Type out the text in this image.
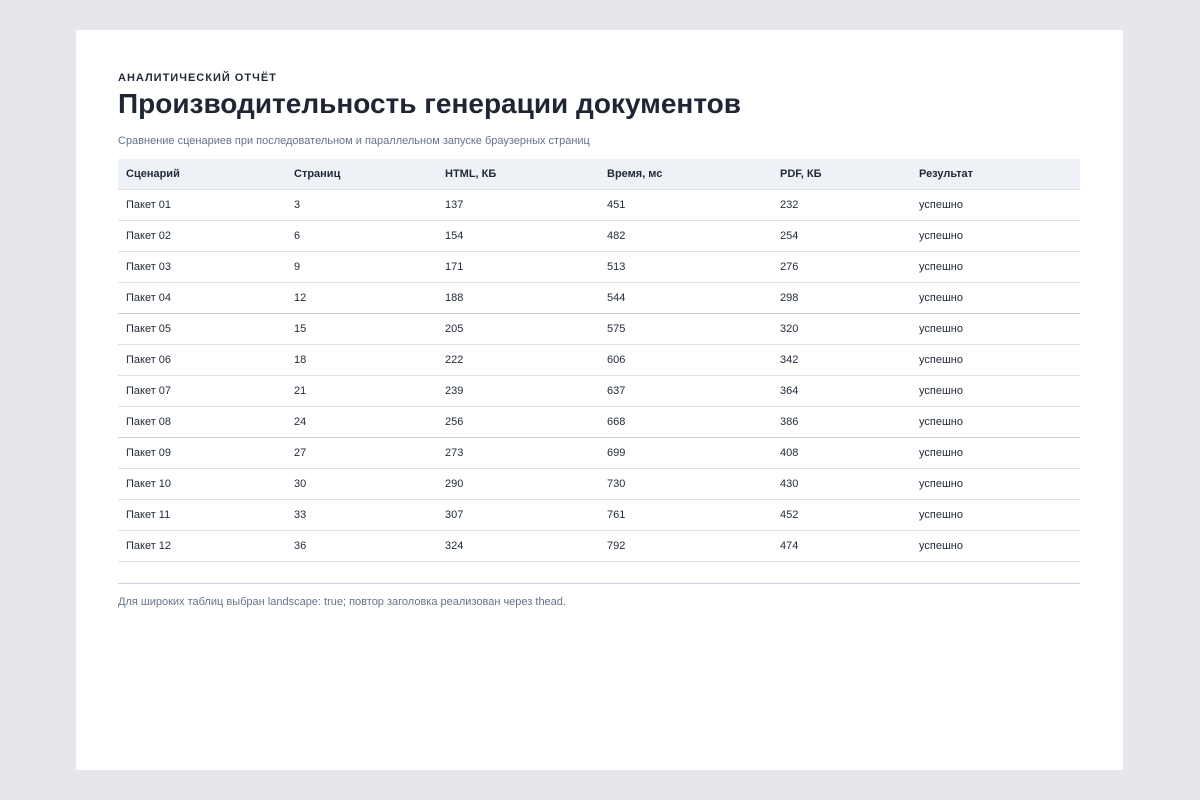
АНАЛИТИЧЕСКИЙ ОТЧЁТ
Производительность генерации документов
Сравнение сценариев при последовательном и параллельном запуске браузерных страниц
Сценарий	Страниц	HTML, КБ	Время, мс	PDF, КБ	Результат
Пакет 01	3	137	451	232	успешно
Пакет 02	6	154	482	254	успешно
Пакет 03	9	171	513	276	успешно
Пакет 04	12	188	544	298	успешно
Пакет 05	15	205	575	320	успешно
Пакет 06	18	222	606	342	успешно
Пакет 07	21	239	637	364	успешно
Пакет 08	24	256	668	386	успешно
Пакет 09	27	273	699	408	успешно
Пакет 10	30	290	730	430	успешно
Пакет 11	33	307	761	452	успешно
Пакет 12	36	324	792	474	успешно
Для широких таблиц выбран landscape: true; повтор заголовка реализован через thead.
